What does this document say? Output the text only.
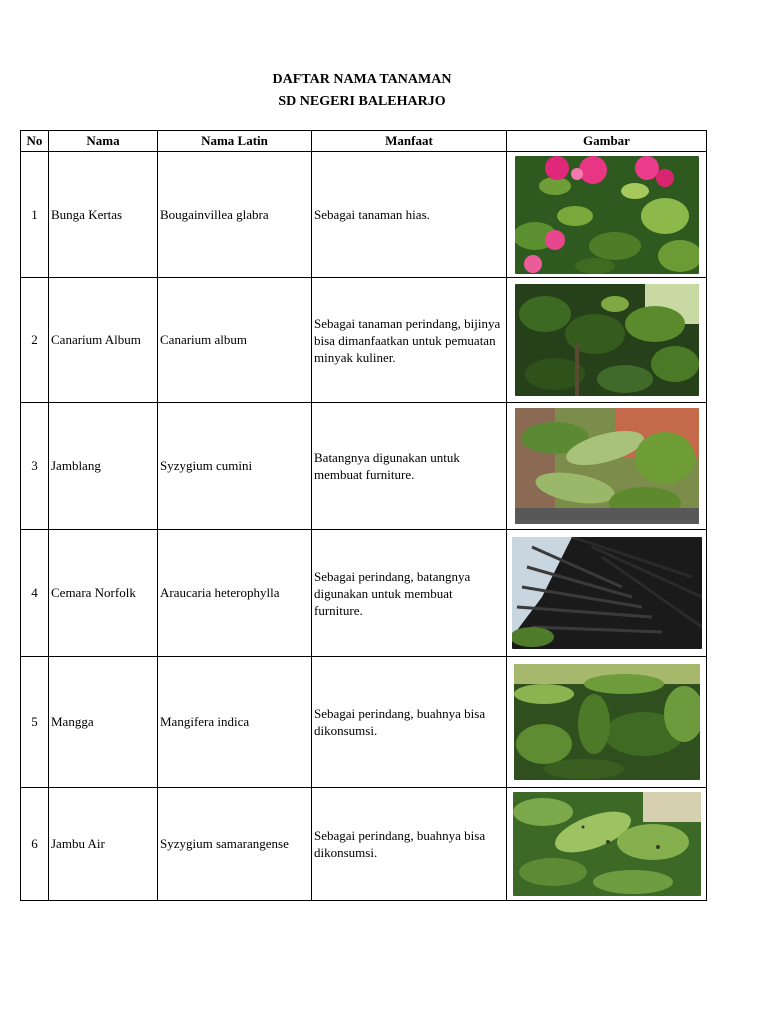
DAFTAR NAMA TANAMAN
SD NEGERI BALEHARJO
No	Nama	Nama Latin	Manfaat	Gambar
1	Bunga Kertas	Bougainvillea glabra	Sebagai tanaman hias.	

2	Canarium Album	Canarium album	Sebagai tanaman perindang, bijinya bisa dimanfaatkan untuk pemuatan minyak kuliner.	

3	Jamblang	Syzygium cumini	Batangnya digunakan untuk membuat furniture.	

4	Cemara Norfolk	Araucaria heterophylla	Sebagai perindang, batangnya digunakan untuk membuat furniture.	

5	Mangga	Mangifera indica	Sebagai perindang, buahnya bisa dikonsumsi.	

6	Jambu Air	Syzygium samarangense	Sebagai perindang, buahnya bisa dikonsumsi.	
